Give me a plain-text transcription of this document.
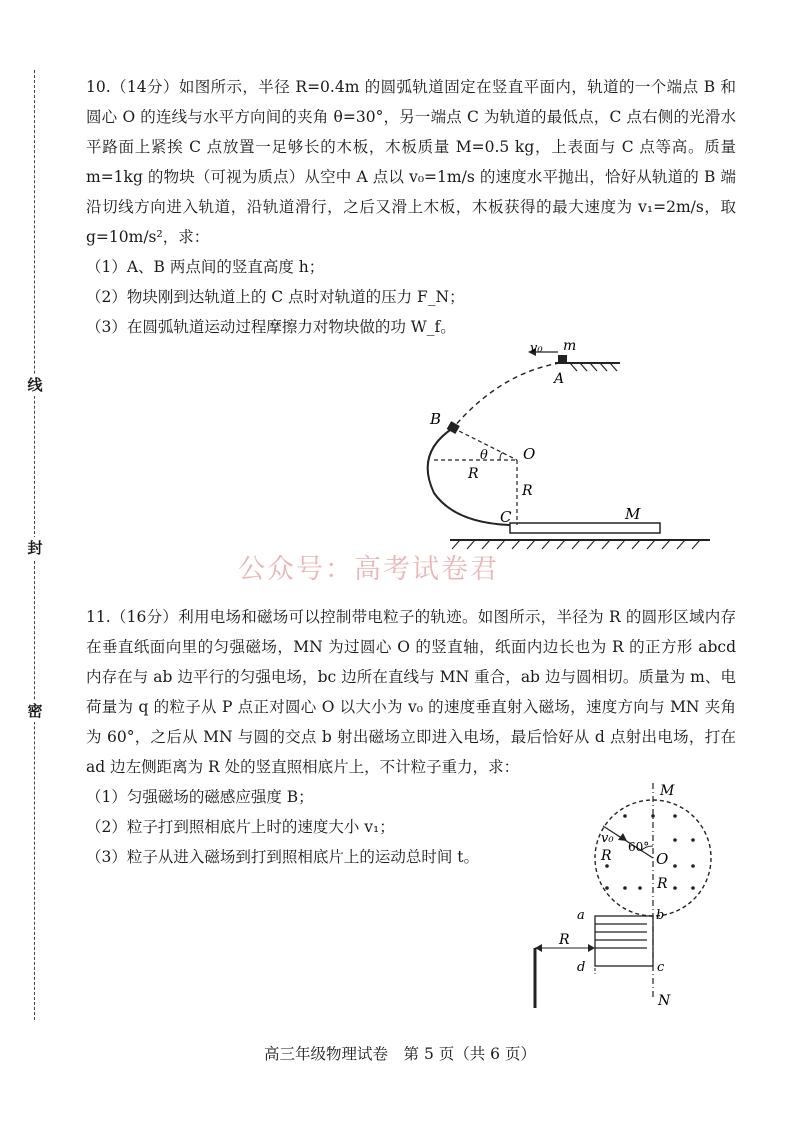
线
封
密

10.（14分）如图所示，半径 R=0.4m 的圆弧轨道固定在竖直平面内，轨道的一个端点 B 和圆心 O 的连线与水平方向间的夹角 θ=30°，另一端点 C 为轨道的最低点，C 点右侧的光滑水平路面上紧挨 C 点放置一足够长的木板，木板质量 M=0.5 kg，上表面与 C 点等高。质量 m=1kg 的物块（可视为质点）从空中 A 点以 v₀=1m/s 的速度水平抛出，恰好从轨道的 B 端沿切线方向进入轨道，沿轨道滑行，之后又滑上木板，木板获得的最大速度为 v₁=2m/s，取 g=10m/s²，求：

（1）A、B 两点间的竖直高度 h；

（2）物块刚到达轨道上的 C 点时对轨道的压力 F_N；

（3）在圆弧轨道运动过程摩擦力对物块做的功 W_f。

v₀ m
A
B
O
θ
R
R
C	M
公众号：高考试卷君

11.（16分）利用电场和磁场可以控制带电粒子的轨迹。如图所示，半径为 R 的圆形区域内存在垂直纸面向里的匀强磁场，MN 为过圆心 O 的竖直轴，纸面内边长也为 R 的正方形 abcd 内存在与 ab 边平行的匀强电场，bc 边所在直线与 MN 重合，ab 边与圆相切。质量为 m、电荷量为 q 的粒子从 P 点正对圆心 O 以大小为 v₀ 的速度垂直射入磁场，速度方向与 MN 夹角为 60°，之后从 MN 与圆的交点 b 射出磁场立即进入电场，最后恰好从 d 点射出电场，打在 ad 边左侧距离为 R 处的竖直照相底片上，不计粒子重力，求：

（1）匀强磁场的磁感应强度 B；

（2）粒子打到照相底片上时的速度大小 v₁；

（3）粒子从进入磁场到打到照相底片上的运动总时间 t。

M
N
v₀
60°
R	O
R
a	b
c
d
R
高三年级物理试卷　第 5 页（共 6 页）
